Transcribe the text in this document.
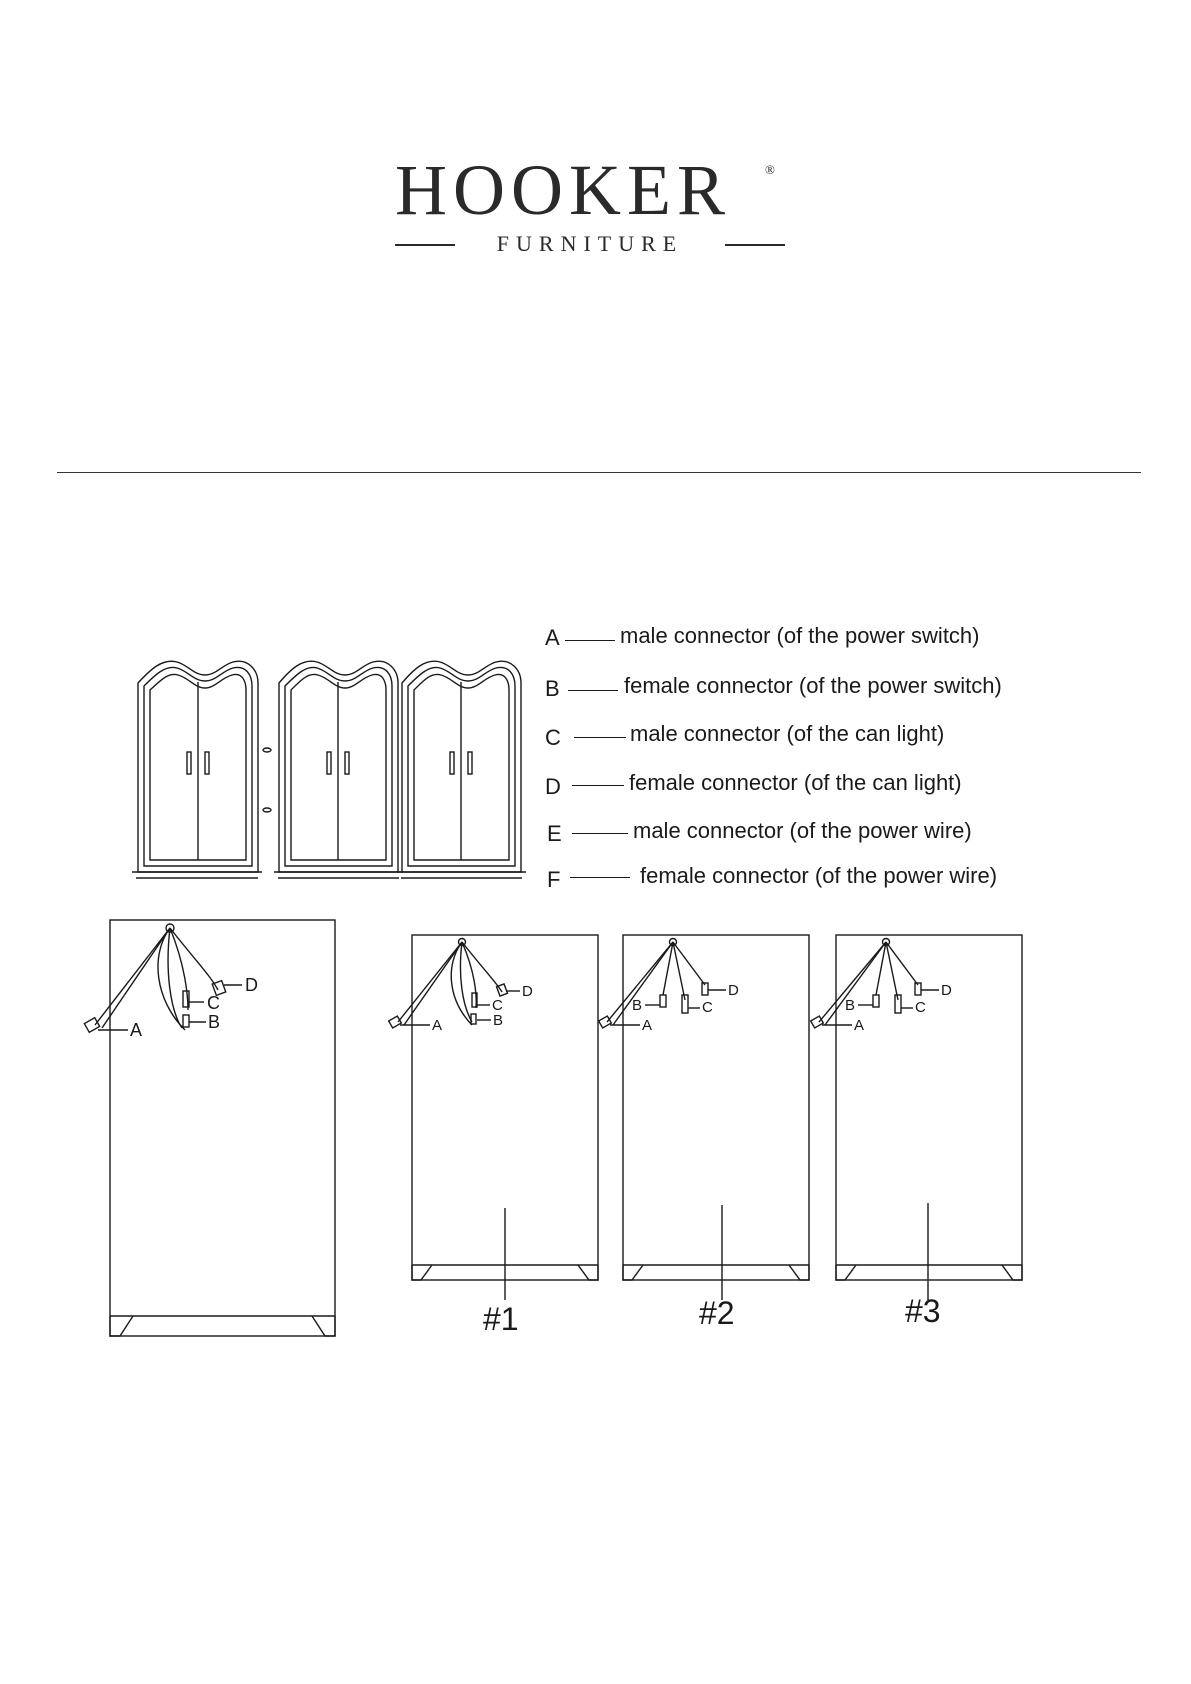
HOOKER	®
FURNITURE
A	male connector (of the power switch)
B	female connector (of the power switch)
C	male connector (of the can light)
D	female connector (of the can light)
E	male connector (of the power wire)
F	female connector (of the power wire)
A	B
C
D
A	B
C
D
A
B	C
D
A
B	C
D
#1	#2	#3
